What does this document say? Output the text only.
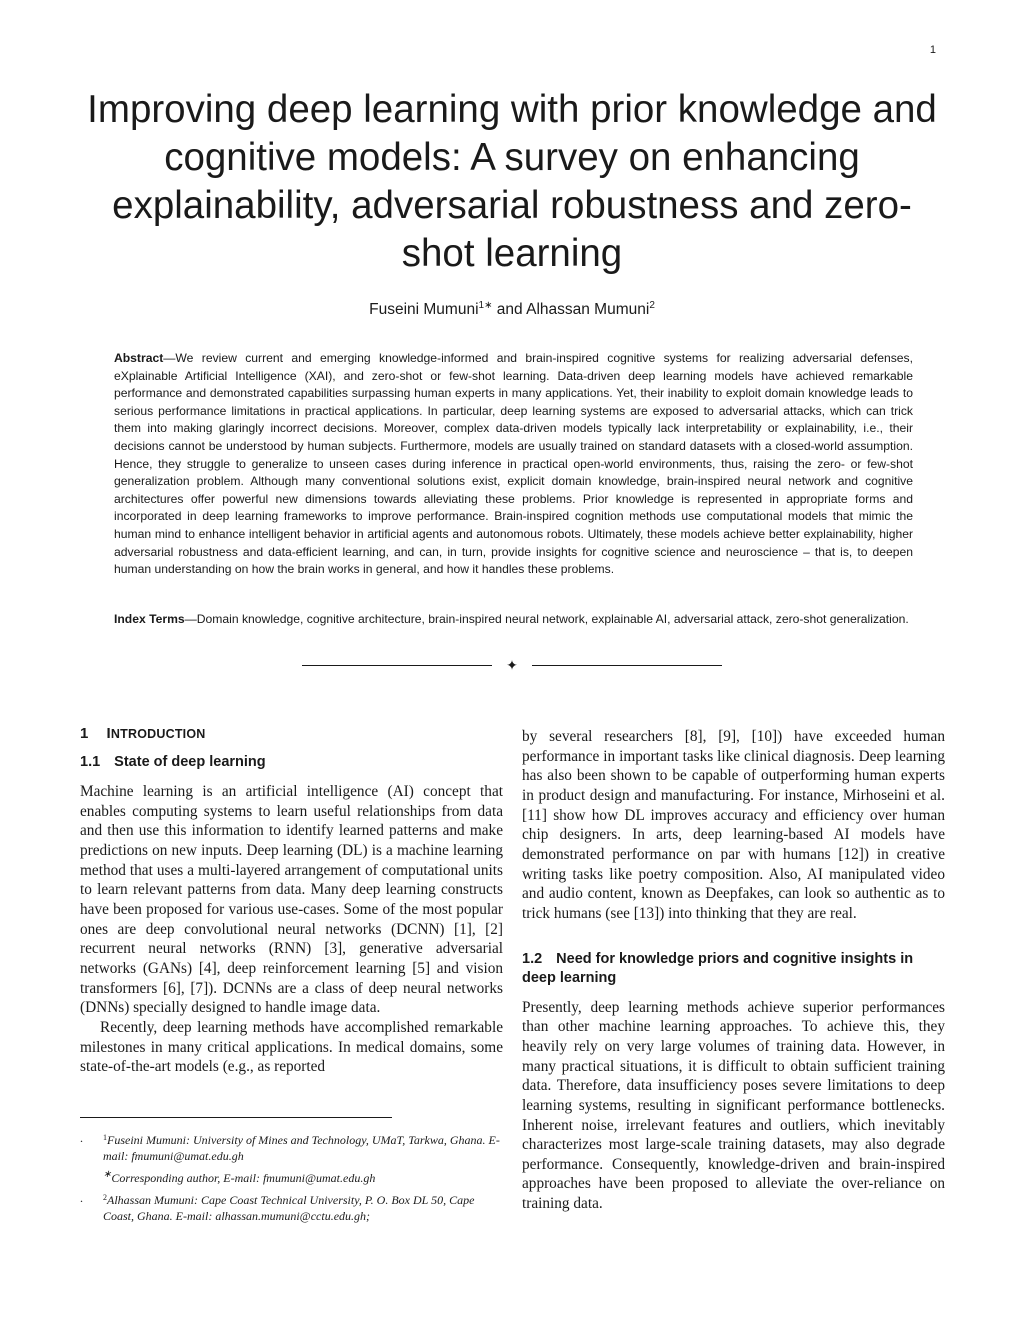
1
Improving deep learning with prior knowledge and cognitive models: A survey on enhancing explainability, adversarial robustness and zero-shot learning
Fuseini Mumuni$^{1∗}$ and Alhassan Mumuni$^2$

Abstract—We review current and emerging knowledge-informed and brain-inspired cognitive systems for realizing adversarial defenses, eXplainable Artificial Intelligence (XAI), and zero-shot or few-shot learning. Data-driven deep learning models have achieved remarkable performance and demonstrated capabilities surpassing human experts in many applications. Yet, their inability to exploit domain knowledge leads to serious performance limitations in practical applications. In particular, deep learning systems are exposed to adversarial attacks, which can trick them into making glaringly incorrect decisions. Moreover, complex data-driven models typically lack interpretability or explainability, i.e., their decisions cannot be understood by human subjects. Furthermore, models are usually trained on standard datasets with a closed-world assumption. Hence, they struggle to generalize to unseen cases during inference in practical open-world environments, thus, raising the zero- or few-shot generalization problem. Although many conventional solutions exist, explicit domain knowledge, brain-inspired neural network and cognitive architectures offer powerful new dimensions towards alleviating these problems. Prior knowledge is represented in appropriate forms and incorporated in deep learning frameworks to improve performance. Brain-inspired cognition methods use computational models that mimic the human mind to enhance intelligent behavior in artificial agents and autonomous robots. Ultimately, these models achieve better explainability, higher adversarial robustness and data-efficient learning, and can, in turn, provide insights for cognitive science and neuroscience – that is, to deepen human understanding on how the brain works in general, and how it handles these problems.

Index Terms—Domain knowledge, cognitive architecture, brain-inspired neural network, explainable AI, adversarial attack, zero-shot generalization.

✦
1 INTRODUCTION
1.1 State of deep learning

Machine learning is an artificial intelligence (AI) concept that enables computing systems to learn useful relationships from data and then use this information to identify learned patterns and make predictions on new inputs. Deep learning (DL) is a machine learning method that uses a multi-layered arrangement of computational units to learn relevant patterns from data. Many deep learning constructs have been proposed for various use-cases. Some of the most popular ones are deep convolutional neural networks (DCNN) [1], [2] recurrent neural networks (RNN) [3], generative adversarial networks (GANs) [4], deep reinforcement learning [5] and vision transformers [6], [7]). DCNNs are a class of deep neural networks (DNNs) specially designed to handle image data.

Recently, deep learning methods have accomplished remarkable milestones in many critical applications. In medical domains, some state-of-the-art models (e.g., as reported

.	$^1$Fuseini Mumuni: University of Mines and Technology, UMaT, Tarkwa, Ghana. E-mail: fmumuni@umat.edu.gh

∗Corresponding author, E-mail: fmumuni@umat.edu.gh

.	$^2$Alhassan Mumuni: Cape Coast Technical University, P. O. Box DL 50, Cape Coast, Ghana. E-mail: alhassan.mumuni@cctu.edu.gh;

by several researchers [8], [9], [10]) have exceeded human performance in important tasks like clinical diagnosis. Deep learning has also been shown to be capable of outperforming human experts in product design and manufacturing. For instance, Mirhoseini et al. [11] show how DL improves accuracy and efficiency over human chip designers. In arts, deep learning-based AI models have demonstrated performance on par with humans [12]) in creative writing tasks like poetry composition. Also, AI manipulated video and audio content, known as Deepfakes, can look so authentic as to trick humans (see [13]) into thinking that they are real.

1.2 Need for knowledge priors and cognitive insights in deep learning

Presently, deep learning methods achieve superior performances than other machine learning approaches. To achieve this, they heavily rely on very large volumes of training data. However, in many practical situations, it is difficult to obtain sufficient training data. Therefore, data insufficiency poses severe limitations to deep learning systems, resulting in significant performance bottlenecks. Inherent noise, irrelevant features and outliers, which inevitably characterizes most large-scale training datasets, may also degrade performance. Consequently, knowledge-driven and brain-inspired approaches have been proposed to alleviate the over-reliance on training data.
